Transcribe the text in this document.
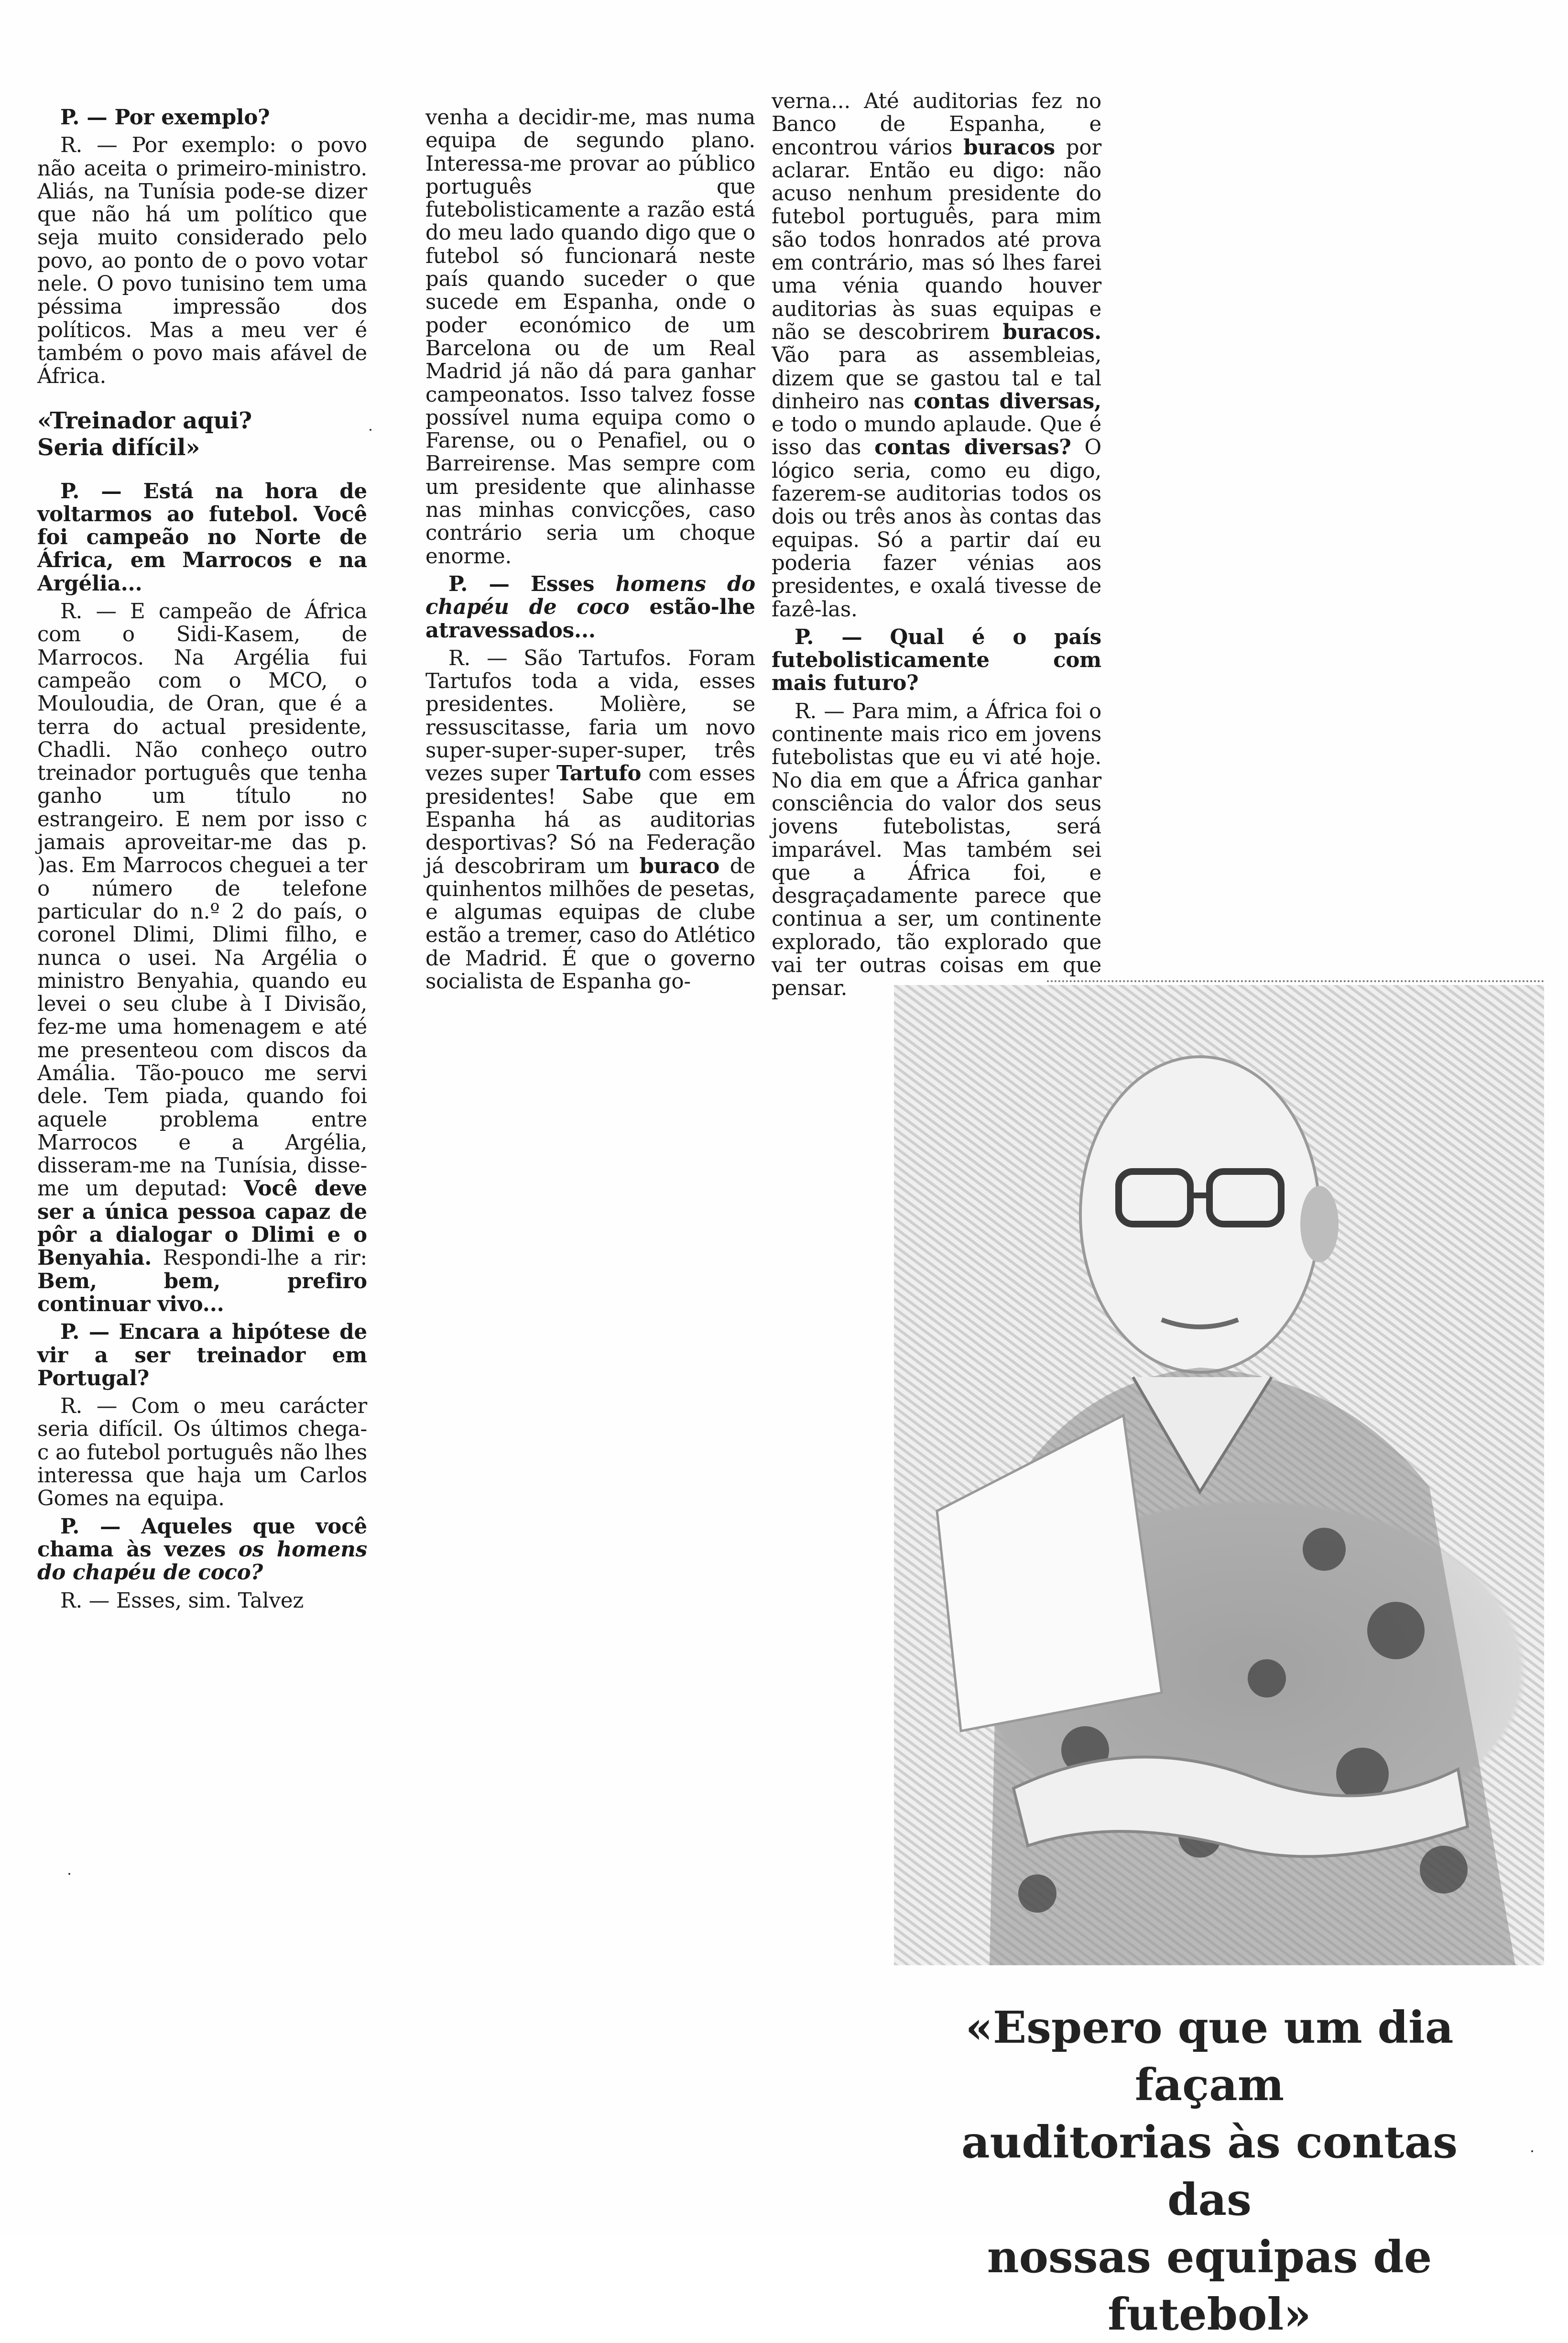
P. — Por exemplo?

R. — Por exemplo: o povo não aceita o primeiro-ministro. Aliás, na Tunísia pode-se dizer que não há um político que seja muito considerado pelo povo, ao ponto de o povo votar nele. O povo tunisino tem uma péssima impressão dos políticos. Mas a meu ver é também o povo mais afável de África.

«Treinador aqui?
Seria difícil»

P. — Está na hora de voltarmos ao futebol. Você foi campeão no Norte de África, em Marrocos e na Argélia...

R. — E campeão de África com o Sidi-Kasem, de Marrocos. Na Argélia fui campeão com o MCO, o Mouloudia, de Oran, que é a terra do actual presidente, Chadli. Não conheço outro treinador português que tenha ganho um título no estrangeiro. E nem por isso c jamais aproveitar-me das p. )as. Em Marrocos cheguei a ter o número de telefone particular do n.º 2 do país, o coronel Dlimi, Dlimi filho, e nunca o usei. Na Argélia o ministro Benyahia, quando eu levei o seu clube à I Divisão, fez-me uma homenagem e até me presenteou com discos da Amália. Tão-pouco me servi dele. Tem piada, quando foi aquele problema entre Marrocos e a Argélia, disseram-me na Tunísia, disse-me um deputad: Você deve ser a única pessoa capaz de pôr a dialogar o Dlimi e o Benyahia. Respondi-lhe a rir: Bem, bem, prefiro continuar vivo...

P. — Encara a hipótese de vir a ser treinador em Portugal?

R. — Com o meu carácter seria difícil. Os últimos chega- c ao futebol português não lhes interessa que haja um Carlos Gomes na equipa.

P. — Aqueles que você chama às vezes os homens do chapéu de coco?

R. — Esses, sim. Talvez

venha a decidir-me, mas numa equipa de segundo plano. Interessa-me provar ao público português que futebolisticamente a razão está do meu lado quando digo que o futebol só funcionará neste país quando suceder o que sucede em Espanha, onde o poder económico de um Barcelona ou de um Real Madrid já não dá para ganhar campeonatos. Isso talvez fosse possível numa equipa como o Farense, ou o Penafiel, ou o Barreirense. Mas sempre com um presidente que alinhasse nas minhas convicções, caso contrário seria um choque enorme.

P. — Esses homens do chapéu de coco estão-lhe atravessados...

R. — São Tartufos. Foram Tartufos toda a vida, esses presidentes. Molière, se ressuscitasse, faria um novo super-super-super-super, três vezes super Tartufo com esses presidentes! Sabe que em Espanha há as auditorias desportivas? Só na Federação já descobriram um buraco de quinhentos milhões de pesetas, e algumas equipas de clube estão a tremer, caso do Atlético de Madrid. É que o governo socialista de Espanha go-

verna... Até auditorias fez no Banco de Espanha, e encontrou vários buracos por aclarar. Então eu digo: não acuso nenhum presidente do futebol português, para mim são todos honrados até prova em contrário, mas só lhes farei uma vénia quando houver auditorias às suas equipas e não se descobrirem buracos. Vão para as assembleias, dizem que se gastou tal e tal dinheiro nas contas diversas, e todo o mundo aplaude. Que é isso das contas diversas? O lógico seria, como eu digo, fazerem-se auditorias todos os dois ou três anos às contas das equipas. Só a partir daí eu poderia fazer vénias aos presidentes, e oxalá tivesse de fazê-las.

P. — Qual é o país futebolisticamente com mais futuro?

R. — Para mim, a África foi o continente mais rico em jovens futebolistas que eu vi até hoje. No dia em que a África ganhar consciência do valor dos seus jovens futebolistas, será imparável. Mas também sei que a África foi, e desgraçadamente parece que continua a ser, um continente explorado, tão explorado que vai ter outras coisas em que pensar.

«Espero que um dia façam
auditorias às contas das
nossas equipas de futebol»
·
·
·
